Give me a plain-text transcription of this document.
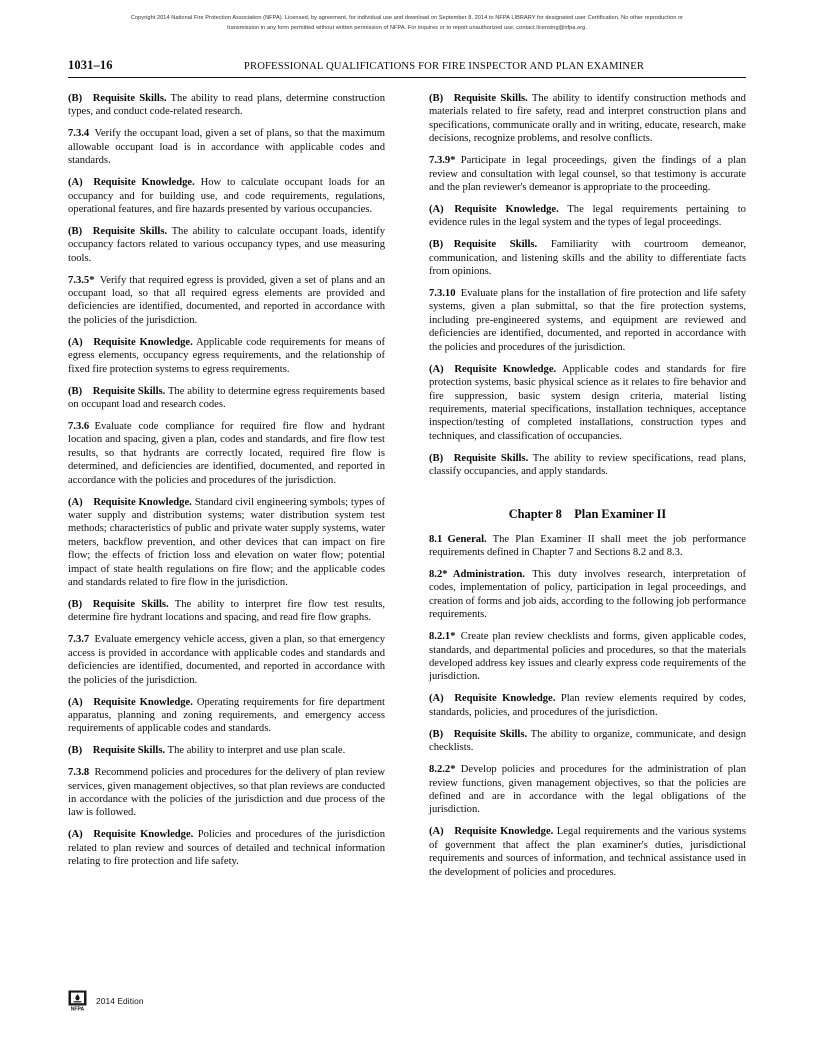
Copyright 2014 National Fire Protection Association (NFPA). Licensed, by agreement, for individual use and download on September 8, 2014 to NFPA LIBRARY for designated user Certification. No other reproduction or
transmission in any form permitted without written permission of NFPA. For inquires or to report unauthorized use, contact licensing@nfpa.org.
1031–16	PROFESSIONAL QUALIFICATIONS FOR FIRE INSPECTOR AND PLAN EXAMINER

(B) Requisite Skills. The ability to read plans, determine construction types, and conduct code-related research.

7.3.4 Verify the occupant load, given a set of plans, so that the maximum allowable occupant load is in accordance with applicable codes and standards.

(A) Requisite Knowledge. How to calculate occupant loads for an occupancy and for building use, and code requirements, regulations, operational features, and fire hazards presented by various occupancies.

(B) Requisite Skills. The ability to calculate occupant loads, identify occupancy factors related to various occupancy types, and use measuring tools.

7.3.5* Verify that required egress is provided, given a set of plans and an occupant load, so that all required egress elements are provided and deficiencies are identified, documented, and reported in accordance with the policies of the jurisdiction.

(A) Requisite Knowledge. Applicable code requirements for means of egress elements, occupancy egress requirements, and the relationship of fixed fire protection systems to egress requirements.

(B) Requisite Skills. The ability to determine egress requirements based on occupant load and research codes.

7.3.6 Evaluate code compliance for required fire flow and hydrant location and spacing, given a plan, codes and standards, and fire flow test results, so that hydrants are correctly located, required fire flow is determined, and deficiencies are identified, documented, and reported in accordance with the policies and procedures of the jurisdiction.

(A) Requisite Knowledge. Standard civil engineering symbols; types of water supply and distribution systems; water distribution system test methods; characteristics of public and private water supply systems, water meters, backflow prevention, and other devices that can impact on fire flow; the effects of friction loss and elevation on water flow; potential impact of state health regulations on fire flow; and the applicable codes and standards related to fire flow in the jurisdiction.

(B) Requisite Skills. The ability to interpret fire flow test results, determine fire hydrant locations and spacing, and read fire flow graphs.

7.3.7 Evaluate emergency vehicle access, given a plan, so that emergency access is provided in accordance with applicable codes and standards and deficiencies are identified, documented, and reported in accordance with the policies of the jurisdiction.

(A) Requisite Knowledge. Operating requirements for fire department apparatus, planning and zoning requirements, and emergency access requirements of applicable codes and standards.

(B) Requisite Skills. The ability to interpret and use plan scale.

7.3.8 Recommend policies and procedures for the delivery of plan review services, given management objectives, so that plan reviews are conducted in accordance with the policies of the jurisdiction and due process of the law is followed.

(A) Requisite Knowledge. Policies and procedures of the jurisdiction related to plan review and sources of detailed and technical information relating to fire protection and life safety.

(B) Requisite Skills. The ability to identify construction methods and materials related to fire safety, read and interpret construction plans and specifications, communicate orally and in writing, educate, research, make decisions, recognize problems, and resolve conflicts.

7.3.9* Participate in legal proceedings, given the findings of a plan review and consultation with legal counsel, so that testimony is accurate and the plan reviewer's demeanor is appropriate to the proceeding.

(A) Requisite Knowledge. The legal requirements pertaining to evidence rules in the legal system and the types of legal proceedings.

(B) Requisite Skills. Familiarity with courtroom demeanor, communication, and listening skills and the ability to differentiate facts from opinions.

7.3.10 Evaluate plans for the installation of fire protection and life safety systems, given a plan submittal, so that the fire protection systems, including pre-engineered systems, and equipment are reviewed and deficiencies are identified, documented, and reported in accordance with the policies and procedures of the jurisdiction.

(A) Requisite Knowledge. Applicable codes and standards for fire protection systems, basic physical science as it relates to fire behavior and fire suppression, basic system design criteria, material listing requirements, material specifications, installation techniques, acceptance inspection/testing of completed installations, construction types and techniques, and classification of occupancies.

(B) Requisite Skills. The ability to review specifications, read plans, classify occupancies, and apply standards.

Chapter 8 Plan Examiner II

8.1 General. The Plan Examiner II shall meet the job performance requirements defined in Chapter 7 and Sections 8.2 and 8.3.

8.2* Administration. This duty involves research, interpretation of codes, implementation of policy, participation in legal proceedings, and creation of forms and job aids, according to the following job performance requirements.

8.2.1* Create plan review checklists and forms, given applicable codes, standards, and departmental policies and procedures, so that the materials developed address key issues and clearly express code requirements of the jurisdiction.

(A) Requisite Knowledge. Plan review elements required by codes, standards, policies, and procedures of the jurisdiction.

(B) Requisite Skills. The ability to organize, communicate, and design checklists.

8.2.2* Develop policies and procedures for the administration of plan review functions, given management objectives, so that the policies are defined and are in accordance with the legal obligations of the jurisdiction.

(A) Requisite Knowledge. Legal requirements and the various systems of government that affect the plan examiner's duties, jurisdictional requirements and sources of information, and technical assistance used in the development of policies and procedures.

NFPA
2014 Edition
